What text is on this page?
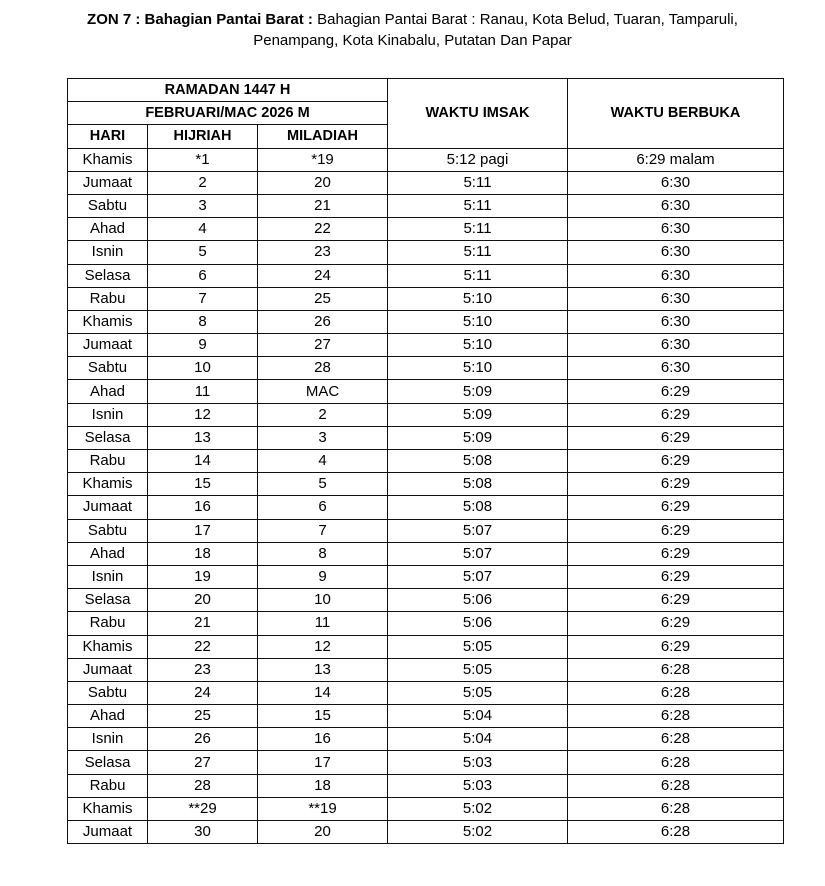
ZON 7 : Bahagian Pantai Barat : Bahagian Pantai Barat : Ranau, Kota Belud, Tuaran, Tamparuli,
Penampang, Kota Kinabalu, Putatan Dan Papar
RAMADAN 1447 H			WAKTU IMSAK	WAKTU BERBUKA
FEBRUARI/MAC 2026 M				
HARI	HIJRIAH	MILADIAH		
Khamis	*1	*19	5:12 pagi	6:29 malam
Jumaat	2	20	5:11	6:30
Sabtu	3	21	5:11	6:30
Ahad	4	22	5:11	6:30
Isnin	5	23	5:11	6:30
Selasa	6	24	5:11	6:30
Rabu	7	25	5:10	6:30
Khamis	8	26	5:10	6:30
Jumaat	9	27	5:10	6:30
Sabtu	10	28	5:10	6:30
Ahad	11	MAC	5:09	6:29
Isnin	12	2	5:09	6:29
Selasa	13	3	5:09	6:29
Rabu	14	4	5:08	6:29
Khamis	15	5	5:08	6:29
Jumaat	16	6	5:08	6:29
Sabtu	17	7	5:07	6:29
Ahad	18	8	5:07	6:29
Isnin	19	9	5:07	6:29
Selasa	20	10	5:06	6:29
Rabu	21	11	5:06	6:29
Khamis	22	12	5:05	6:29
Jumaat	23	13	5:05	6:28
Sabtu	24	14	5:05	6:28
Ahad	25	15	5:04	6:28
Isnin	26	16	5:04	6:28
Selasa	27	17	5:03	6:28
Rabu	28	18	5:03	6:28
Khamis	**29	**19	5:02	6:28
Jumaat	30	20	5:02	6:28
